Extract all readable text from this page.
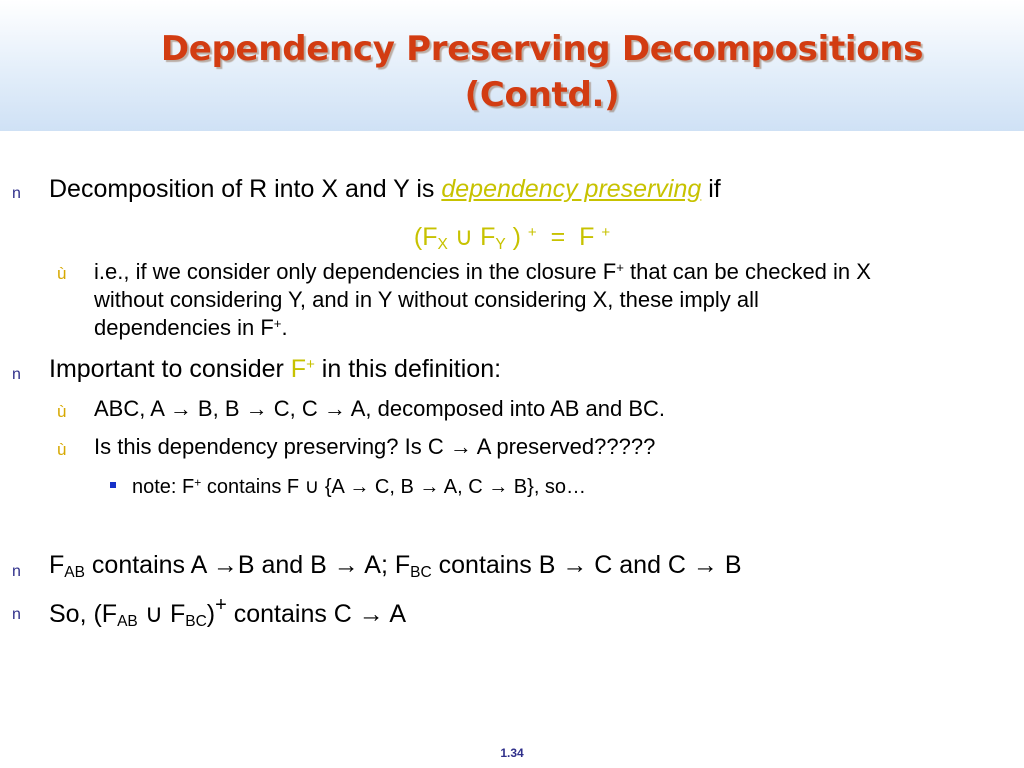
Dependency Preserving Decompositions
(Contd.)
n Decomposition of R into X and Y is dependency preserving if
($F_X$ ∪ $F_Y$ ) + = F +
ù i.e., if we consider only dependencies in the closure F+ that can be checked in X
without considering Y, and in Y without considering X, these imply all
dependencies in F+.
n Important to consider F+ in this definition:
ù ABC, A → B, B → C, C → A, decomposed into AB and BC.
ù Is this dependency preserving? Is C → A preserved?????
note: F+ contains F ∪ {A → C, B → A, C → B}, so…
n $F_{AB}$ contains A →B and B → A; $F_{BC}$ contains B → C and C → B
n So, ($F_{AB}$ ∪ $F_{BC})^+$ contains C → A
1.34
